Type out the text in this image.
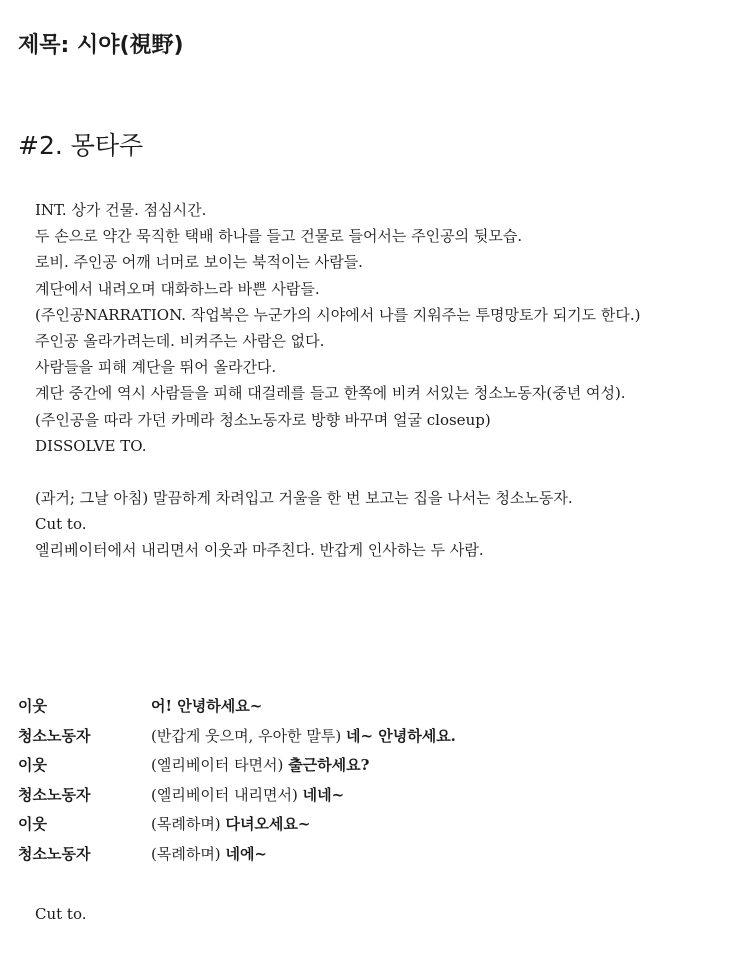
제목: 시야(視野)
#2. 몽타주

INT. 상가 건물. 점심시간.

두 손으로 약간 묵직한 택배 하나를 들고 건물로 들어서는 주인공의 뒷모습.

로비. 주인공 어깨 너머로 보이는 북적이는 사람들.

계단에서 내려오며 대화하느라 바쁜 사람들.

(주인공NARRATION. 작업복은 누군가의 시야에서 나를 지워주는 투명망토가 되기도 한다.)

주인공 올라가려는데. 비켜주는 사람은 없다.

사람들을 피해 계단을 뛰어 올라간다.

계단 중간에 역시 사람들을 피해 대걸레를 들고 한쪽에 비켜 서있는 청소노동자(중년 여성).

(주인공을 따라 가던 카메라 청소노동자로 방향 바꾸며 얼굴 closeup)

DISSOLVE TO.

(과거; 그날 아침) 말끔하게 차려입고 거울을 한 번 보고는 집을 나서는 청소노동자.

Cut to.

엘리베이터에서 내리면서 이웃과 마주친다. 반갑게 인사하는 두 사람.

이웃	어! 안녕하세요~
청소노동자	(반갑게 웃으며, 우아한 말투) 네~ 안녕하세요.
이웃	(엘리베이터 타면서) 출근하세요?
청소노동자	(엘리베이터 내리면서) 네네~
이웃	(목례하며) 다녀오세요~
청소노동자	(목례하며) 네에~
Cut to.
